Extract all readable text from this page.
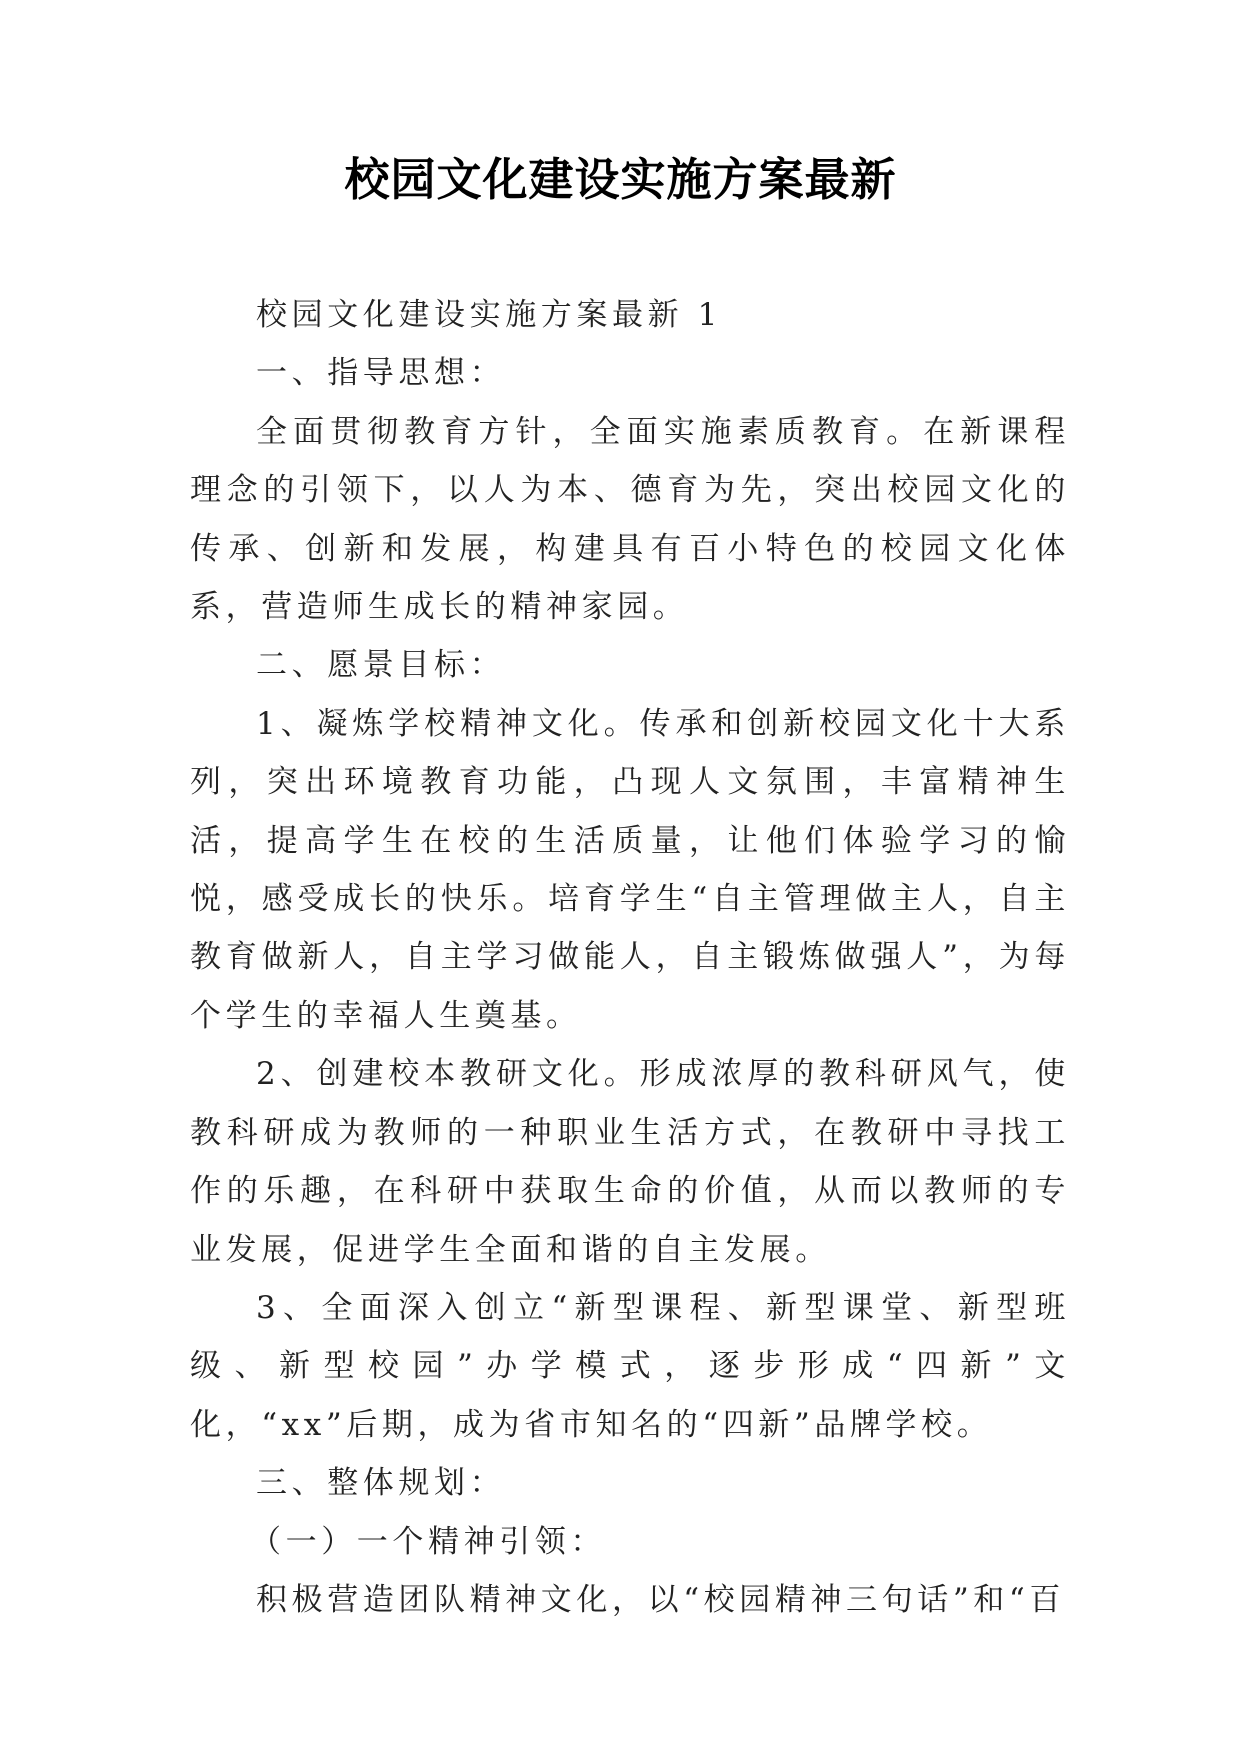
校园文化建设实施方案最新

校园文化建设实施方案最新 1

一、指导思想：

全面贯彻教育方针，全面实施素质教育。在新课程理念的引领下，以人为本、德育为先，突出校园文化的传承、创新和发展，构建具有百小特色的校园文化体系，营造师生成长的精神家园。

二、愿景目标：

1、凝炼学校精神文化。传承和创新校园文化十大系列，突出环境教育功能，凸现人文氛围，丰富精神生活，提高学生在校的生活质量，让他们体验学习的愉悦，感受成长的快乐。培育学生“自主管理做主人，自主教育做新人，自主学习做能人，自主锻炼做强人”，为每个学生的幸福人生奠基。

2、创建校本教研文化。形成浓厚的教科研风气，使教科研成为教师的一种职业生活方式，在教研中寻找工作的乐趣，在科研中获取生命的价值，从而以教师的专业发展，促进学生全面和谐的自主发展。

3、全面深入创立“新型课程、新型课堂、新型班级、新型校园”办学模式，逐步形成“四新”文化，“xx”后期，成为省市知名的“四新”品牌学校。

三、整体规划：

（一）一个精神引领：

积极营造团队精神文化，以“校园精神三句话”和“百
